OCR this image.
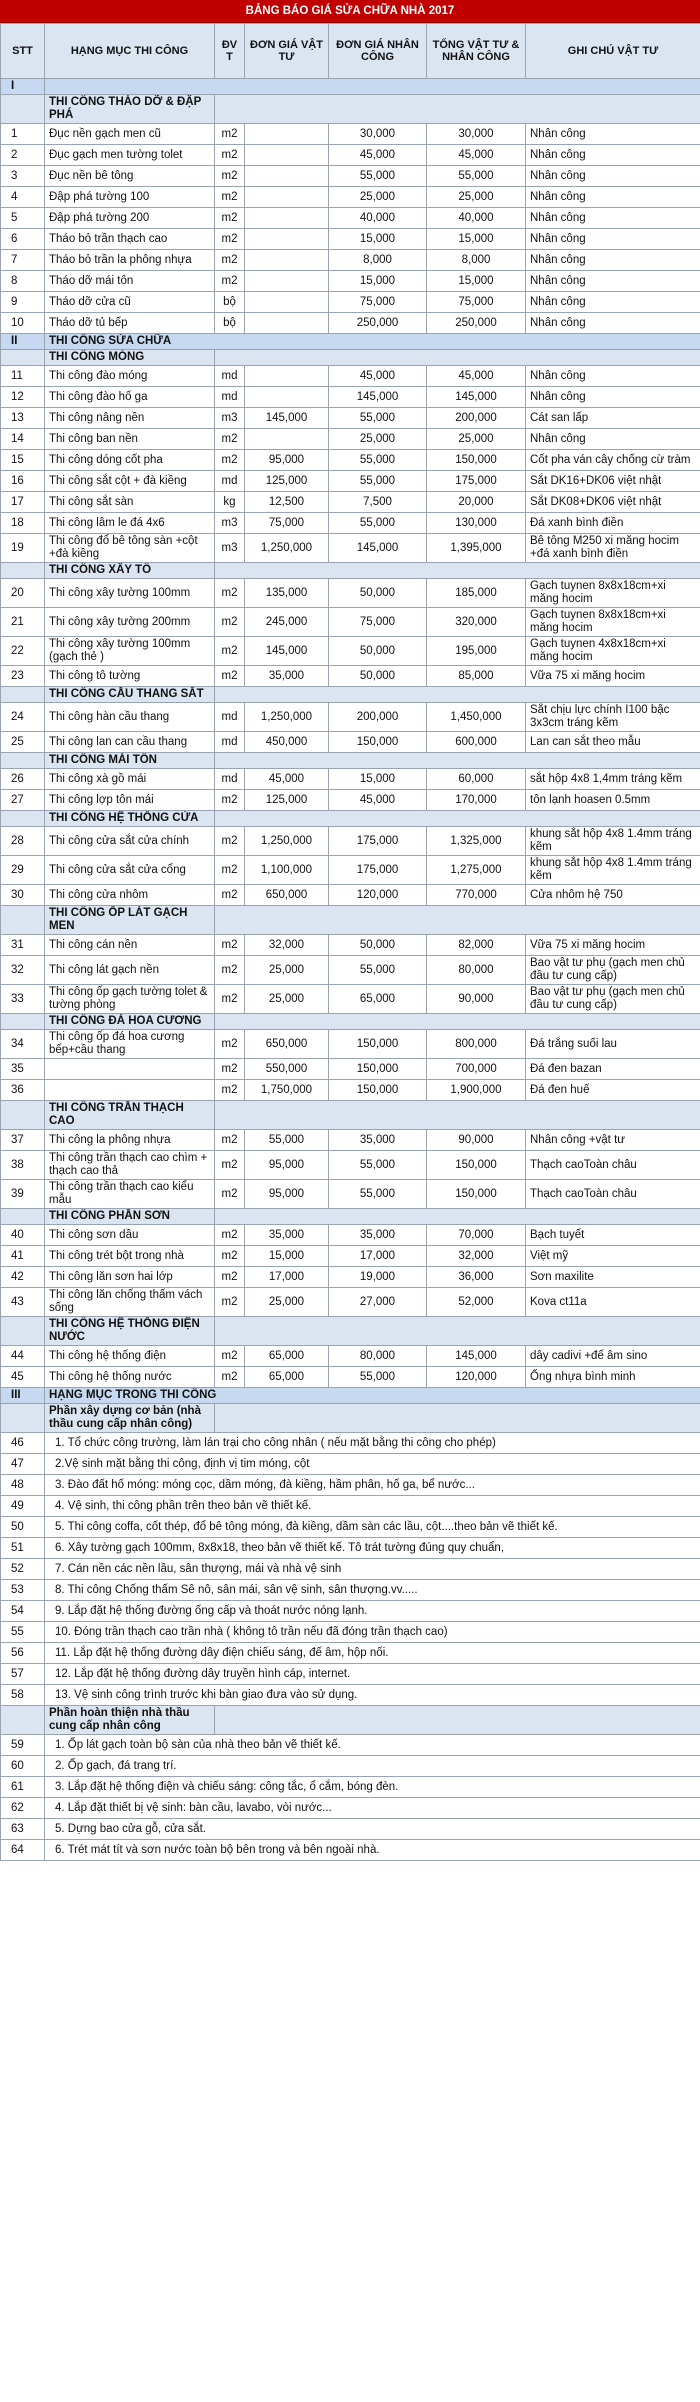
BẢNG BÁO GIÁ SỬA CHỮA NHÀ 2017
STT	HẠNG MỤC THI CÔNG	ĐV T	ĐƠN GIÁ VẬT TƯ	ĐƠN GIÁ NHÂN CÔNG	TỔNG VẬT TƯ & NHÂN CÔNG	GHI CHÚ VẬT TƯ
I						
	THI CÔNG THÁO DỠ & ĐẬP PHÁ					
1	Đục nền gạch men cũ	m2		30,000	30,000	Nhân công
2	Đục gạch men tường tolet	m2		45,000	45,000	Nhân công
3	Đục nền bê tông	m2		55,000	55,000	Nhân công
4	Đập phá tường 100	m2		25,000	25,000	Nhân công
5	Đập phá tường 200	m2		40,000	40,000	Nhân công
6	Tháo bỏ trần thạch cao	m2		15,000	15,000	Nhân công
7	Tháo bỏ trần la phông nhựa	m2		8,000	8,000	Nhân công
8	Tháo dỡ mái tôn	m2		15,000	15,000	Nhân công
9	Tháo dỡ cửa cũ	bộ		75,000	75,000	Nhân công
10	Tháo dỡ tủ bếp	bộ		250,000	250,000	Nhân công
II	THI CÔNG SỬA CHỮA					
	THI CÔNG MÓNG					
11	Thi công đào móng	md		45,000	45,000	Nhân công
12	Thi công đào hố ga	md		145,000	145,000	Nhân công
13	Thi công nâng nền	m3	145,000	55,000	200,000	Cát san lấp
14	Thi công ban nền	m2		25,000	25,000	Nhân công
15	Thi công dóng cốt pha	m2	95,000	55,000	150,000	Cốt pha ván cây chống cừ tràm
16	Thi công sắt cột + đà kiềng	md	125,000	55,000	175,000	Sắt DK16+DK06 việt nhật
17	Thi công sắt sàn	kg	12,500	7,500	20,000	Sắt DK08+DK06 việt nhật
18	Thi công lâm le đá 4x6	m3	75,000	55,000	130,000	Đá xanh bình điền
19	Thi công đổ bê tông sàn +cột +đà kiềng	m3	1,250,000	145,000	1,395,000	Bê tông M250 xi măng hocim +đá xanh bình điền
	THI CÔNG XÂY TÔ					
20	Thi công xây tường 100mm	m2	135,000	50,000	185,000	Gạch tuynen 8x8x18cm+xi măng hocim
21	Thi công xây tường 200mm	m2	245,000	75,000	320,000	Gạch tuynen 8x8x18cm+xi măng hocim
22	Thi công xây tường 100mm (gạch thẻ )	m2	145,000	50,000	195,000	Gạch tuynen 4x8x18cm+xi măng hocim
23	Thi công tô tường	m2	35,000	50,000	85,000	Vữa 75 xi măng hocim
	THI CÔNG CẦU THANG SẮT					
24	Thi công hàn cầu thang	md	1,250,000	200,000	1,450,000	Sắt chịu lực chính I100 bậc 3x3cm tráng kẽm
25	Thi công lan can cầu thang	md	450,000	150,000	600,000	Lan can sắt theo mẫu
	THI CÔNG MÁI TÔN					
26	Thi công xà gồ mái	md	45,000	15,000	60,000	sắt hộp 4x8 1,4mm tráng kẽm
27	Thi công lợp tôn mái	m2	125,000	45,000	170,000	tôn lạnh hoasen 0.5mm
	THI CÔNG HỆ THỐNG CỬA					
28	Thi công cửa sắt cửa chính	m2	1,250,000	175,000	1,325,000	khung sắt hộp 4x8 1.4mm tráng kẽm
29	Thi công cửa sắt cửa cổng	m2	1,100,000	175,000	1,275,000	khung sắt hộp 4x8 1.4mm tráng kẽm
30	Thi công cửa nhôm	m2	650,000	120,000	770,000	Cửa nhôm hệ 750
	THI CÔNG ỐP LÁT GẠCH MEN					
31	Thi công cán nền	m2	32,000	50,000	82,000	Vữa 75 xi măng hocim
32	Thi công lát gạch nền	m2	25,000	55,000	80,000	Bao vật tư phụ (gạch men chủ đầu tư cung cấp)
33	Thi công ốp gạch tường tolet & tường phòng	m2	25,000	65,000	90,000	Bao vật tư phụ (gạch men chủ đầu tư cung cấp)
	THI CÔNG ĐÁ HOA CƯƠNG					
34	Thi công ốp đá hoa cương bếp+cầu thang	m2	650,000	150,000	800,000	Đá trắng suối lau
35		m2	550,000	150,000	700,000	Đá đen bazan
36		m2	1,750,000	150,000	1,900,000	Đá đen huế
	THI CÔNG TRẦN THẠCH CAO					
37	Thi công la phông nhựa	m2	55,000	35,000	90,000	Nhân công +vật tư
38	Thi công trần thạch cao chìm + thạch cao thả	m2	95,000	55,000	150,000	Thạch caoToàn châu
39	Thi công trần thạch cao kiểu mẫu	m2	95,000	55,000	150,000	Thạch caoToàn châu
	THI CÔNG PHẦN SƠN					
40	Thi công sơn dầu	m2	35,000	35,000	70,000	Bạch tuyết
41	Thi công trét bột trong nhà	m2	15,000	17,000	32,000	Việt mỹ
42	Thi công lăn sơn hai lớp	m2	17,000	19,000	36,000	Sơn maxilite
43	Thi công lăn chống thấm vách sống	m2	25,000	27,000	52,000	Kova ct11a
	THI CÔNG HỆ THỐNG ĐIỆN NƯỚC					
44	Thi công hệ thống điện	m2	65,000	80,000	145,000	dây cadivi +đế âm sino
45	Thi công hệ thống nước	m2	65,000	55,000	120,000	Ống nhựa bình minh
III	HẠNG MỤC TRONG THI CÔNG					
	Phần xây dựng cơ bản (nhà thầu cung cấp nhân công)					
46	1. Tổ chức công trường, làm lán trại cho công nhân ( nếu mặt bằng thi công cho phép)					
47	2.Vệ sinh mặt bằng thi công, định vị tim móng, cột					
48	3. Đào đất hố móng: móng cọc, dầm móng, đà kiềng, hầm phân, hố ga, bể nước...					
49	4. Vệ sinh, thi công phần trên theo bản vẽ thiết kế.					
50	5. Thi công coffa, cốt thép, đổ bê tông móng, đà kiềng, dầm sàn các lầu, cột....theo bản vẽ thiết kế.					
51	6. Xây tường gạch 100mm, 8x8x18, theo bản vẽ thiết kế. Tô trát tường đúng quy chuẩn,					
52	7. Cán nền các nền lầu, sân thượng, mái và nhà vệ sinh					
53	8. Thi công Chống thấm Sê nô, sân mái, sân vệ sinh, sân thượng.vv.....					
54	9. Lắp đặt hệ thống đường ống cấp và thoát nước nóng lạnh.					
55	10. Đóng trần thạch cao trần nhà ( không tô trần nếu đã đóng trần thạch cao)					
56	11. Lắp đặt hệ thống đường dây điện chiếu sáng, đế âm, hộp nối.					
57	12. Lắp đặt hệ thống đường dây truyền hình cáp, internet.					
58	13. Vệ sinh công trình trước khi bàn giao đưa vào sử dụng.					
	Phần hoàn thiện nhà thầu cung cấp nhân công					
59	1. Ốp lát gạch toàn bộ sàn của nhà theo bản vẽ thiết kế.					
60	2. Ốp gạch, đá trang trí.					
61	3. Lắp đặt hệ thống điện và chiếu sáng: công tắc, ổ cắm, bóng đèn.					
62	4. Lắp đặt thiết bị vệ sinh: bàn cầu, lavabo, vòi nước...					
63	5. Dựng bao cửa gỗ, cửa sắt.					
64	6. Trét mát tít và sơn nước toàn bộ bên trong và bên ngoài nhà.					
